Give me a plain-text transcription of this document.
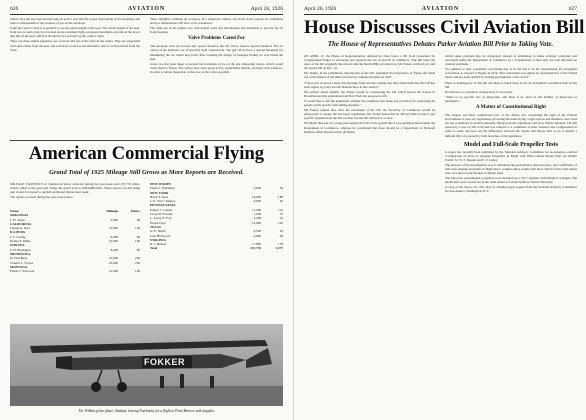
626	AVIATION	April 26, 1926

which carry the electrons and the radio in such a way that the proper functioning of the telephone and radio is independent of the pressure of gas on the envelope.

From the control cabin it is possible to see the entire length of the keel. The whole length of the keel, from bow to stern, may be traversed on an extremely light corrugated duralumin catwalk on the lower mid line of the keel, which is divided in two sections by the control cabin.

There are three engine gondolas, two forward and one at the stern in the center. They are suspended with steel cables from the keel, and each have room for one mechanic, who is well protected from the wind.

These dirigibles combine all accessory in a temperate climate, but in the Polar regions ice conditions and low temperatures will have to be considered.

The tanks are in the engine cars with double walls and intermediate felt insulation to prevent the oil from freezing.

Valve Problems Cared For

The envelope does not present any special features, but the valves deserve special mention. The air valves of the ballonets are of specially light construction. The gas valves have a special mounting for minimizing the ice which may form, thus avoiding the danger of leakages finding its way inside the keel.

Great care has been taken to prevent the formation of ice on the gas exhausting valves, which would cause them to freeze. The valves have been protected by sensibilized shields, provided with windows, in order to render inspection of the state of the valves possible.

American Commercial Flying
Grand Total of 1925 Mileage Still Grows as More Reports are Received.

MILEAGE STATISTICS of commercial pilots collected during the past week total 237,735 miles, which, added to the past total, brings the grand total to 9,804,288 miles. These reports are still being sent in and it is hoped to publish additional figures next week.

The reports received during the past week follow:

Name	Mileage	Hours
ARKANSAS
J. W. Jones	2,800	28
CALIFORNIA
Leland A. Kerr	13,000	130
ILLINOIS
J. T. Conley	6,000	60
Daniel F. Reilly	10,000	100
INDIANA
F. H. Blackman	8,200	82
MINNESOTA
D. Paul Beal	25,000	250
Charles L. Noyes	23,000	230
MONTANA
Frank L. Yarwood	12,000	120
NEW JERSEY
Frank L. Waldekar	5,600	56
NEW YORK
Harry E. Rost	18,000	180
J. E. "Doc" Kinney	4,000	40
PENNSYLVANIA
Walter J. Corbett	11,500	115
Lloyd W. Frazier	7,000	70
L. Lewis E. Fox	3,200	32
Ernest Dyer	12,000	120
TEXAS
G. E. Smith	9,500	95
Jack Hitchcock	4,800	48
VIRGINIA
R. J. Hutson	17,800	178
Total	237,735	2,377
FOKKER
The Wilkins polar plane, Alaskan, leaving Fairbanks for a flight to Point Barrow with supplies
April 26, 1926	AVIATION	627
House Discusses Civil Aviation Bill
The House of Representatives Debates Parker Aviation Bill Prior to Taking Vote.

ON APRIL 12, the House of Representatives debated for three hours a bill (S.41) presented by Congressman Parker to encourage and regulate the use of aircraft in commerce. This bill takes the place of the bill originally introduced with the Merritt Bill provided in it. Mr. Parker on March 22, and the Senate bill on Dec. 16.

Mr. Parker, in his preliminary introduction of the bill, explained the importance of flying and made use of the figures of the miles traveled by commercial pilots in 1925.

"I have just received a letter this morning from Aviation stating that they understand that this bill has been signed by every aircraft manufacturer in the country."

Mr. Gilbert asked whether the House would be considering the bill which passed the Senate in December and the gentleman from New York has proposed a bill.

"I would like to ask the gentleman whether the committee has made any provision for protecting the people on the ground from falling airplanes."

Mr. Parker replied that, after the enactment of the bill, the Secretary of Commerce would be empowered to supply the necessary regulations. Mr. Parker stated that he did not think it wise to put specific regulations in the bill, because the aircraft industry is so new.

Mr. Bland then put in a strong plea against the bill on the ground that it was putting aviation under the Department of Commerce, whereas he considered that there should be a Department of National Defense which should control all flying.

which states problem may be developed, instead of attempting to make aviation controlled and developed under the Department of Commerce by a Commission of men who are well informed on aviation problems.

"In addition to that, potentially everything that is in the bill is in the international air navigation convention as adopted at Prague in 1919. That convention was signed by representatives of the United States and has been ratified by leading governments of the world."

There is nothing new in this bill and there is much more in the air navigation convention than in this bill.

In reference to a question on inspection it was stated:

"There is no specific law of inspection, and there is no fund on the number of inspectors or mechanics."

A Matter of Constitutional Right

The longest and most complicated part of the debate was concerning the right of the Federal Government to pass any regulations governing intrastate flying. Legal experts and members were cited but not considered to exclude intrastate flying from the regulations and were finally defeated. The bill passed by a vote of 226 to 60 and was referred to a committee of three Senators and Congressmen in order to settle and iron out the differences between the Senate and House bills so as to enable a uniform bill to be passed by both branches of the legislature.

Model and Full-Scale Propeller Tests

A report has recently been published by the National Advisory Committee for Aeronautics, entitled "Comparison of Tests on Airplane Propellers in Flight with Wind Tunnel Model Tests on Similar Forms" by W. F. Durand and E. P. Lesley.

The purpose of the investigation was to determine the performance characteristics, and coefficients of full-scale airplane propellers in flight and to compare these results with those derived from wind-tunnel tests on reduced-scale models of similar form.

The full-scale experimental propellers were mounted on a VE-7 airplane with Wright E-4 engine. The model tests were carried out in the wind tunnel of Leland Stanford Junior University.

A copy of the report, No. 220, may be obtained upon request from the National Advisory Committee for Aeronautics, Washington, D. C.
